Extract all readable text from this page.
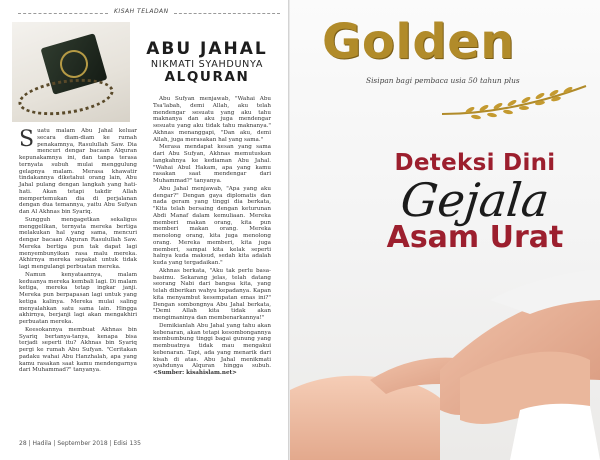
KISAH TELADAN
ABU JAHAL
NIKMATI SYAHDUNYA
ALQURAN

Suatu malam Abu Jahal keluar secara diam-diam ke rumah penakamnya, Rasulullah Saw. Dia mencuri dengar bacaan Alquran kepunakamnya ini, dan tanpa terasa ternyata subuh mulai menggulung gelapnya malam. Merasa khawatir tindakannya diketahui orang lain, Abu Jahal pulang dengan langkah yang hati-hati. Akan tetapi takdir Allah mempertemukan dia di perjalanan dengan dua temannya, yaitu Abu Sufyan dan Al Akhnas bin Syariq.

Sungguh mengagetkan sekaligus menggelikan, ternyata mereka bertiga melakukan hal yang sama, mencuri dengar bacaan Alquran Rasulullah Saw. Mereka bertiga pun tak dapat lagi menyembunyikan rasa malu mereka. Akhirnya mereka sepakat untuk tidak lagi mengulangi perbuatan mereka.

Namun kenyataannya, malam keduanya mereka kembali lagi. Di malam ketiga, mereka tetap ingkar janji. Mereka pun berpapasan lagi untuk yang ketiga kalinya. Mereka mulai saling menyalahkan satu sama lain. Hingga akhirnya, berjanji lagi akan mengakhiri perbuatan mereka.

Keesokannya membuat Akhnas bin Syariq bertanya-tanya, kenapa bisa terjadi seperti itu? Akhnas bin Syariq pergi ke rumah Abu Sufyan. "Ceritakan padaku wahai Abu Hanzhalah, apa yang kamu rasakan saat kamu mendengarnya dari Muhammad?" tanyanya.

Abu Sufyan menjawab, "Wahai Abu Tsa'labah, demi Allah, aku telah mendengar sesuatu yang aku tahu maknanya dan aku juga mendengar sesuatu yang aku tidak tahu maknanya." Akhnas menanggapi, "Dan aku, demi Allah, juga merasakan hal yang sama."

Merasa mendapat kesan yang sama dari Abu Sufyan, Akhnas memutuskan langkahnya ke kediaman Abu Jahal. "Wahai Abul Hakam, apa yang kamu rasakan saat mendengar dari Muhammad?" tanyanya.

Abu Jahal menjawab, "Apa yang aku dengar?" Dengan gaya diplomatis dan nada geram yang tinggi dia berkata, "Kita telah bersaing dengan keturunan Abdi Manaf dalam kemuliaan. Mereka memberi makan orang, kita pun memberi makan orang. Mereka menolong orang, kita juga menolong orang. Mereka memberi, kita juga memberi, sampai kita kelak seperti halnya kuda maksud, sedah kita adalah kuda yang tergadaikan."

Akhnas berkata, "Aku tak perlu basa-basimu. Sekarang jelas, telah datang seorang Nabi dari bangsa kita, yang telah diberikan wahyu kepadanya. Kapan kita menyambut kesempatan emas ini?" Dengan sombongnya Abu Jahal berkata, "Demi Allah kita tidak akan mengimaninya dan membenarkannya!"

Demikianlah Abu Jahal yang tahu akan kebenaran, akan tetapi kesombongannya membumbung tinggi bagai gunung yang membuatnya tidak mau mengakui kebenaran. Tapi, ada yang menarik dari kisah di atas. Abu Jahal menikmati syahdunya Alquran hingga subuh. <Sumber: kisahislam.net>

28 | Hadila | September 2018 | Edisi 135
Golden
Sisipan bagi pembaca usia 50 tahun plus
Deteksi Dini
Gejala
Asam Urat
